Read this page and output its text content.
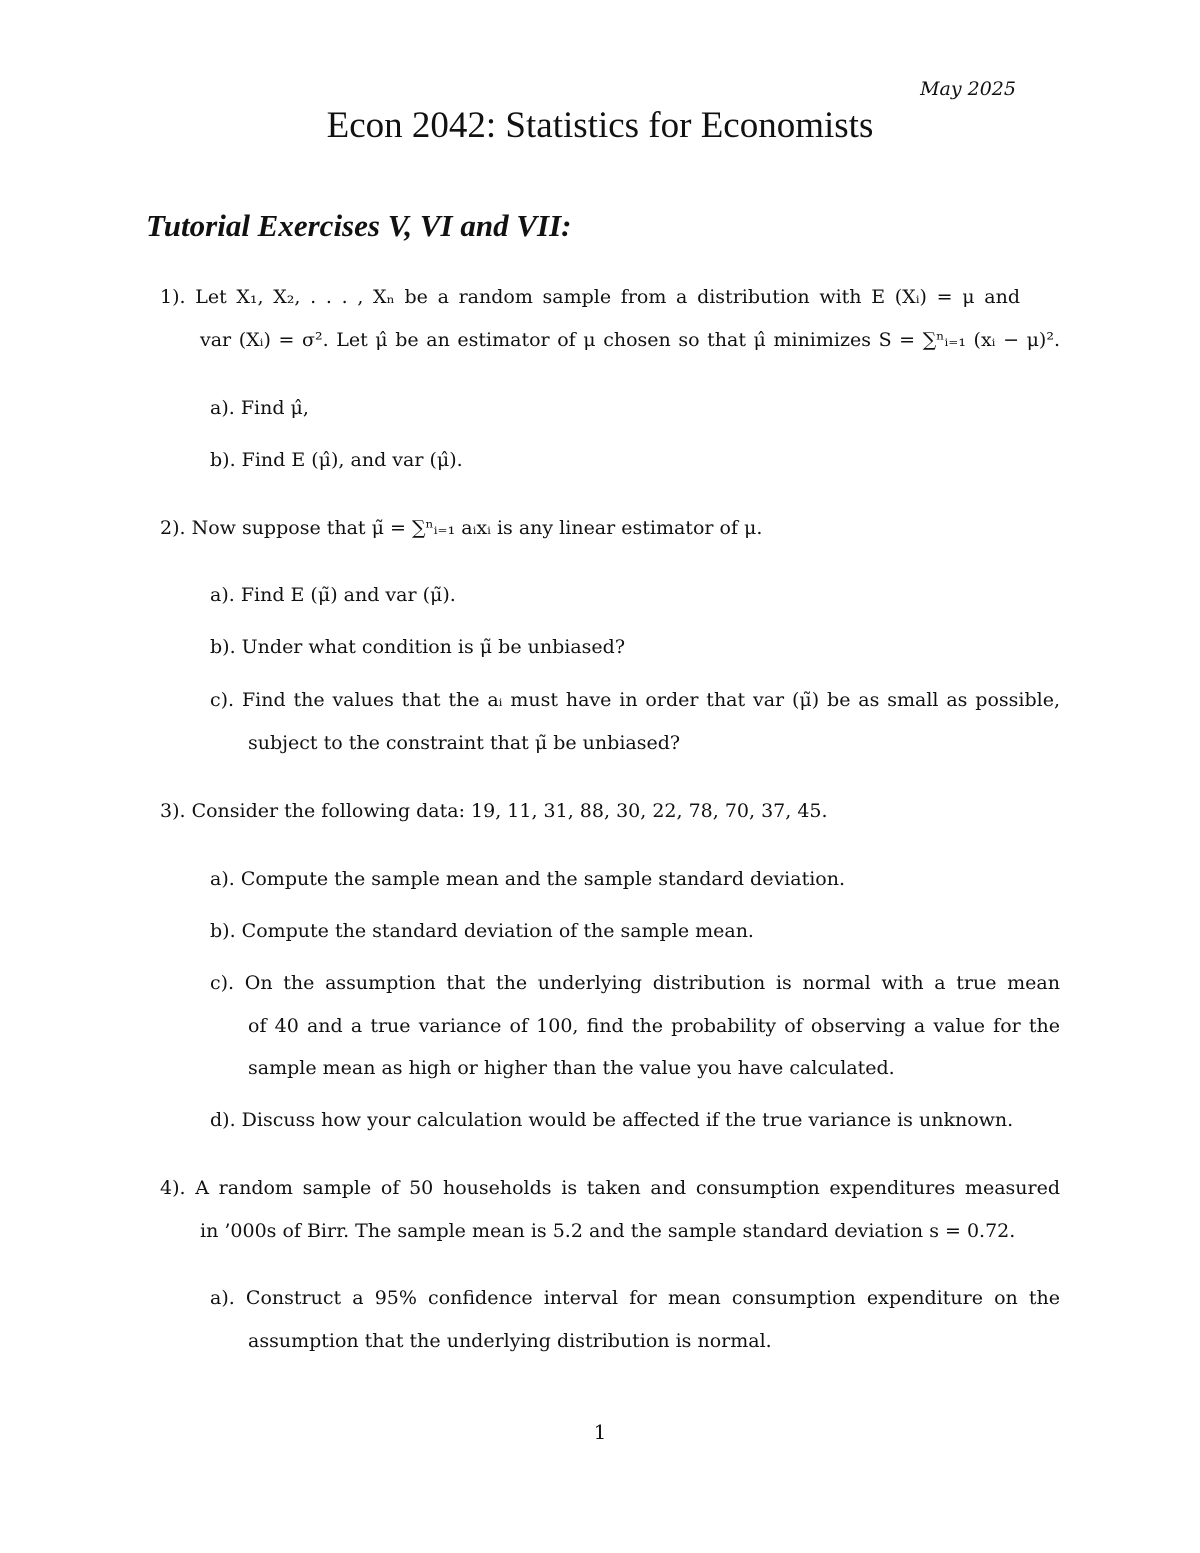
May 2025
Econ 2042: Statistics for Economists
Tutorial Exercises V, VI and VII:
1). Let X₁, X₂, . . . , Xₙ be a random sample from a distribution with E (Xᵢ) = μ and
var (Xᵢ) = σ². Let μ̂ be an estimator of μ chosen so that μ̂ minimizes S = ∑ⁿᵢ₌₁ (xᵢ − μ)².
a). Find μ̂,
b). Find E (μ̂), and var (μ̂).
2). Now suppose that μ̃ = ∑ⁿᵢ₌₁ aᵢxᵢ is any linear estimator of μ.
a). Find E (μ̃) and var (μ̃).
b). Under what condition is μ̃ be unbiased?
c). Find the values that the aᵢ must have in order that var (μ̃) be as small as possible,
subject to the constraint that μ̃ be unbiased?
3). Consider the following data: 19, 11, 31, 88, 30, 22, 78, 70, 37, 45.
a). Compute the sample mean and the sample standard deviation.
b). Compute the standard deviation of the sample mean.
c). On the assumption that the underlying distribution is normal with a true mean
of 40 and a true variance of 100, find the probability of observing a value for the
sample mean as high or higher than the value you have calculated.
d). Discuss how your calculation would be affected if the true variance is unknown.
4). A random sample of 50 households is taken and consumption expenditures measured
in ’000s of Birr. The sample mean is 5.2 and the sample standard deviation s = 0.72.
a). Construct a 95% confidence interval for mean consumption expenditure on the
assumption that the underlying distribution is normal.
1
